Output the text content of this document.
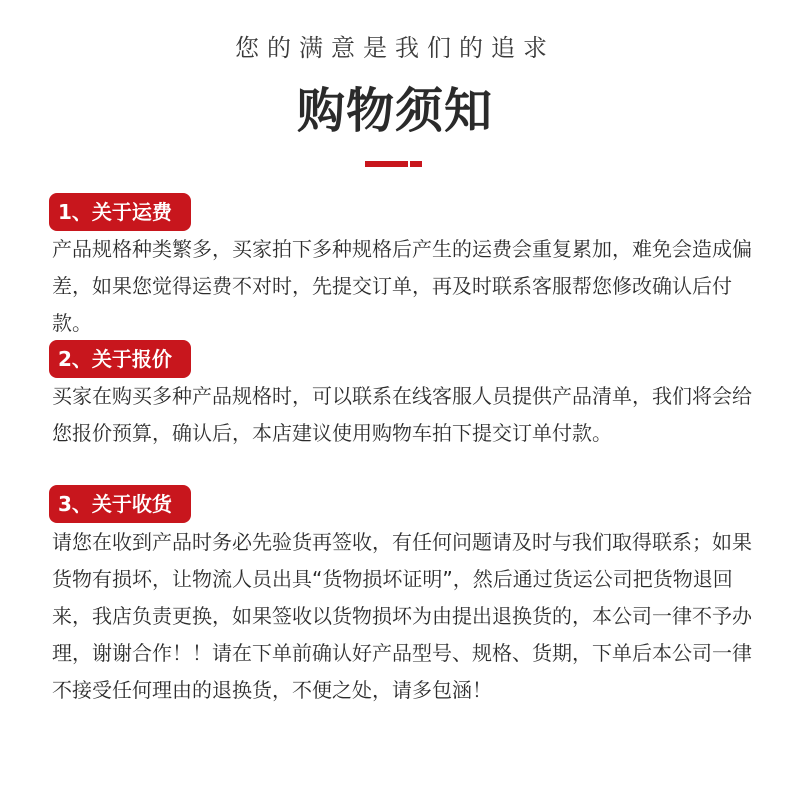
您的满意是我们的追求
购物须知
1、关于运费

产品规格种类繁多，买家拍下多种规格后产生的运费会重复累加，难免会造成偏差，如果您觉得运费不对时，先提交订单，再及时联系客服帮您修改确认后付款。

2、关于报价

买家在购买多种产品规格时，可以联系在线客服人员提供产品清单，我们将会给您报价预算，确认后，本店建议使用购物车拍下提交订单付款。

3、关于收货

请您在收到产品时务必先验货再签收，有任何问题请及时与我们取得联系；如果货物有损坏，让物流人员出具“货物损坏证明”，然后通过货运公司把货物退回来，我店负责更换，如果签收以货物损坏为由提出退换货的，本公司一律不予办理，谢谢合作！！请在下单前确认好产品型号、规格、货期，下单后本公司一律不接受任何理由的退换货，不便之处，请多包涵！
